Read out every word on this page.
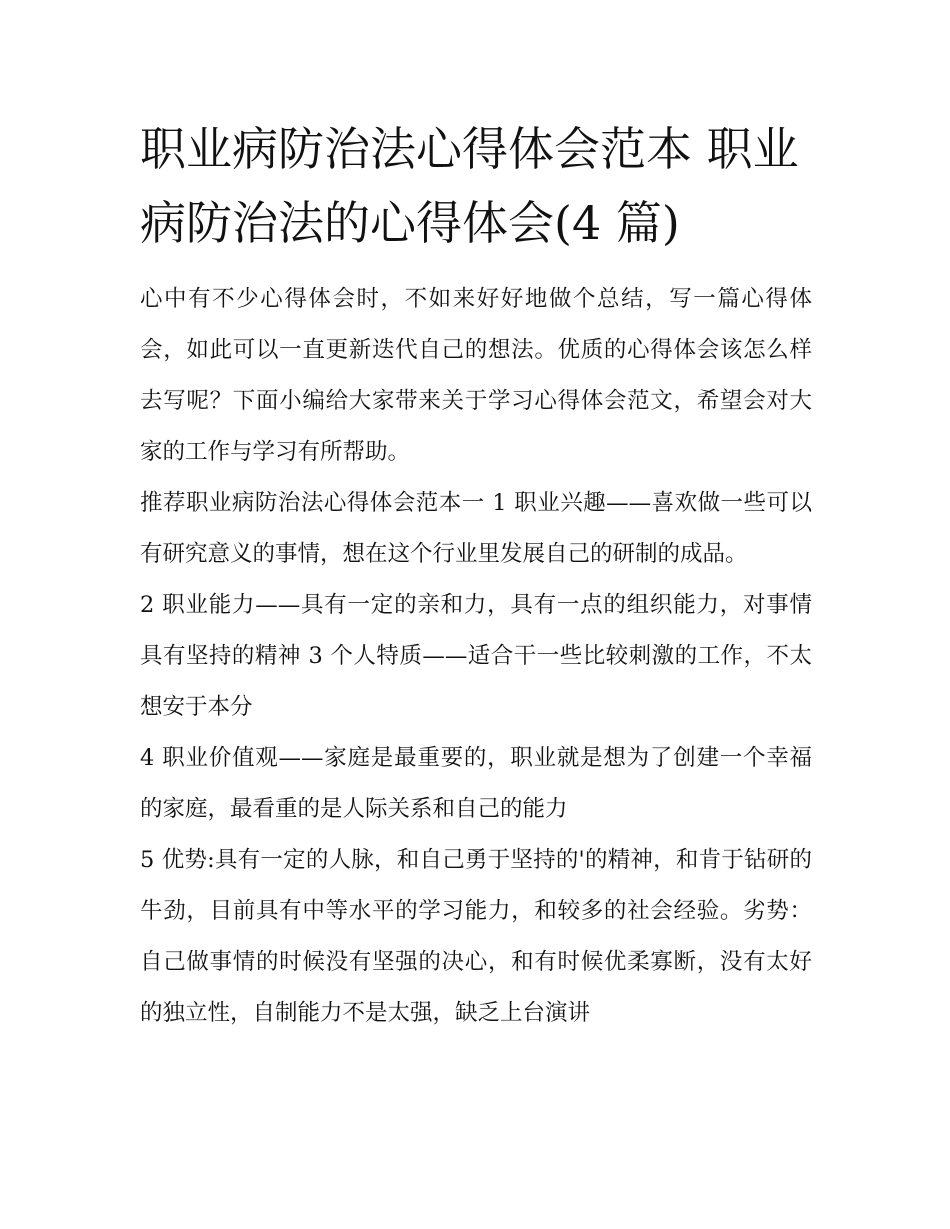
职业病防治法心得体会范本 职业病防治法的心得体会(4 篇)

心中有不少心得体会时，不如来好好地做个总结，写一篇心得体会，如此可以一直更新迭代自己的想法。优质的心得体会该怎么样去写呢？下面小编给大家带来关于学习心得体会范文，希望会对大家的工作与学习有所帮助。

推荐职业病防治法心得体会范本一 1 职业兴趣——喜欢做一些可以有研究意义的事情，想在这个行业里发展自己的研制的成品。

2 职业能力——具有一定的亲和力，具有一点的组织能力，对事情具有坚持的精神 3 个人特质——适合干一些比较刺激的工作，不太想安于本分

4 职业价值观——家庭是最重要的，职业就是想为了创建一个幸福的家庭，最看重的是人际关系和自己的能力

5 优势:具有一定的人脉，和自己勇于坚持的'的精神，和肯于钻研的牛劲，目前具有中等水平的学习能力，和较多的社会经验。劣势：自己做事情的时候没有坚强的决心，和有时候优柔寡断，没有太好的独立性，自制能力不是太强，缺乏上台演讲
